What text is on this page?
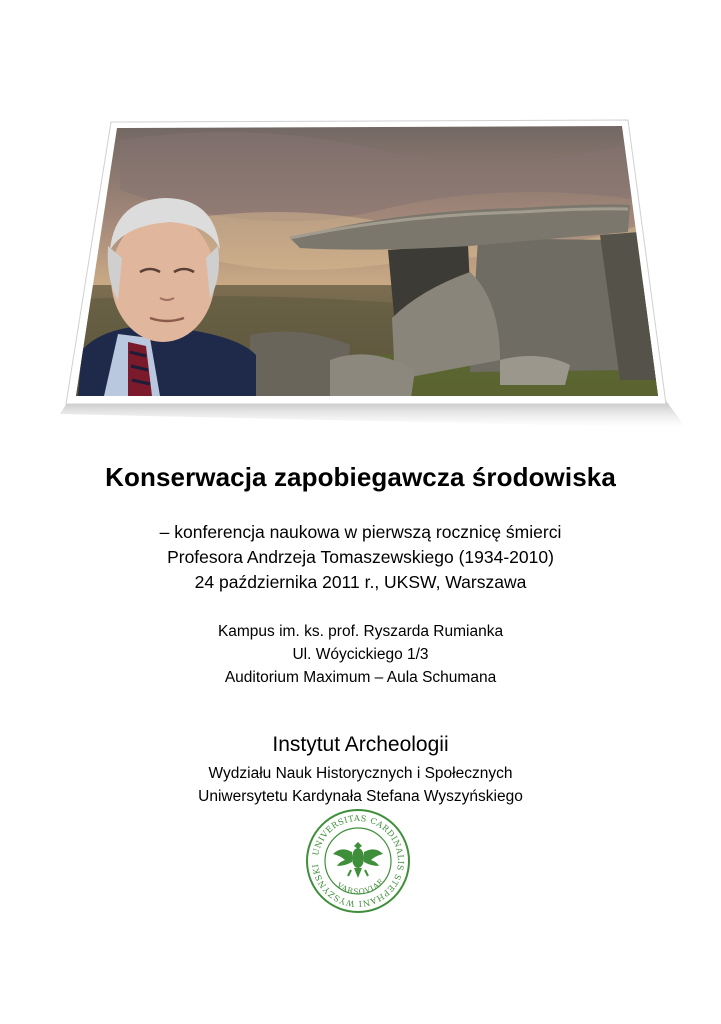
Konserwacja zapobiegawcza środowiska
– konferencja naukowa w pierwszą rocznicę śmierci
Profesora Andrzeja Tomaszewskiego (1934-2010)
24 października 2011 r., UKSW, Warszawa
Kampus im. ks. prof. Ryszarda Rumianka
Ul. Wóycickiego 1/3
Auditorium Maximum – Aula Schumana
Instytut Archeologii
Wydziału Nauk Historycznych i Społecznych
Uniwersytetu Kardynała Stefana Wyszyńskiego
UNIVERSITAS CARDINALIS STEPHANI WYSZYNSKI
VARSOVIAE
